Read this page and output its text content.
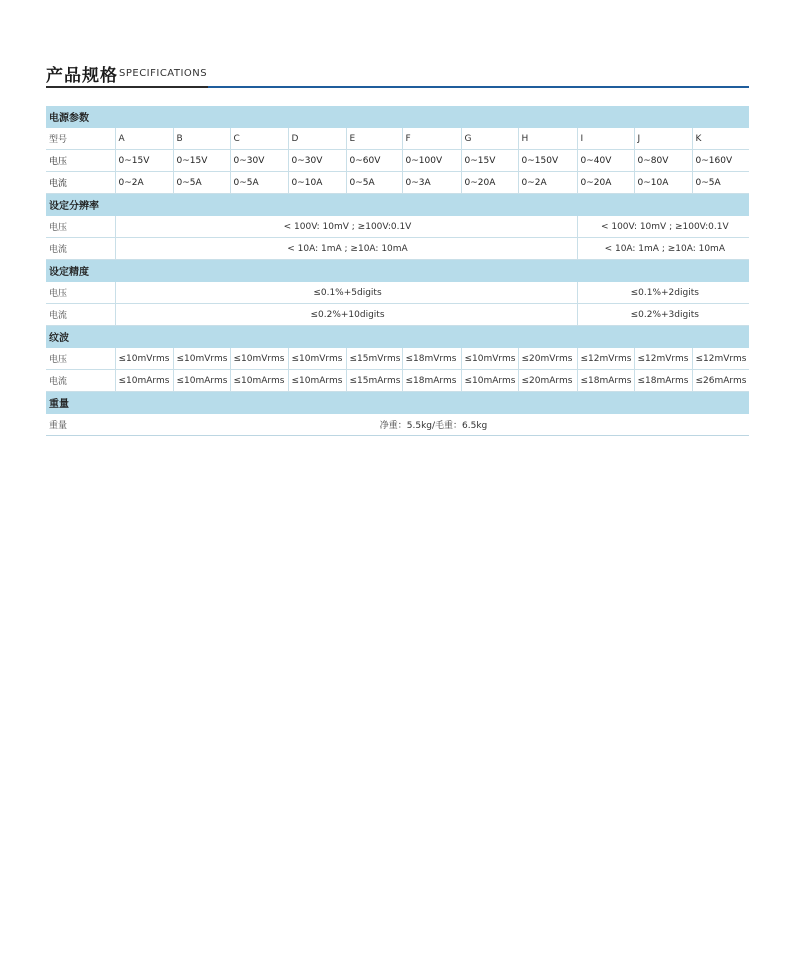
产品规格 SPECIFICATIONS
电源参数											
型号	A	B	C	D	E	F	G	H	I	J	K
电压	0~15V	0~15V	0~30V	0~30V	0~60V	0~100V	0~15V	0~150V	0~40V	0~80V	0~160V
电流	0~2A	0~5A	0~5A	0~10A	0~5A	0~3A	0~20A	0~2A	0~20A	0~10A	0~5A
设定分辨率											
电压	< 100V: 10mV ; ≥100V:0.1V								< 100V: 10mV ; ≥100V:0.1V		
电流	< 10A: 1mA ; ≥10A: 10mA								< 10A: 1mA ; ≥10A: 10mA		
设定精度											
电压	≤0.1%+5digits								≤0.1%+2digits		
电流	≤0.2%+10digits								≤0.2%+3digits		
纹波											
电压	≤10mVrms	≤10mVrms	≤10mVrms	≤10mVrms	≤15mVrms	≤18mVrms	≤10mVrms	≤20mVrms	≤12mVrms	≤12mVrms	≤12mVrms
电流	≤10mArms	≤10mArms	≤10mArms	≤10mArms	≤15mArms	≤18mArms	≤10mArms	≤20mArms	≤18mArms	≤18mArms	≤26mArms
重量											
重量	净重：5.5kg/毛重：6.5kg										
